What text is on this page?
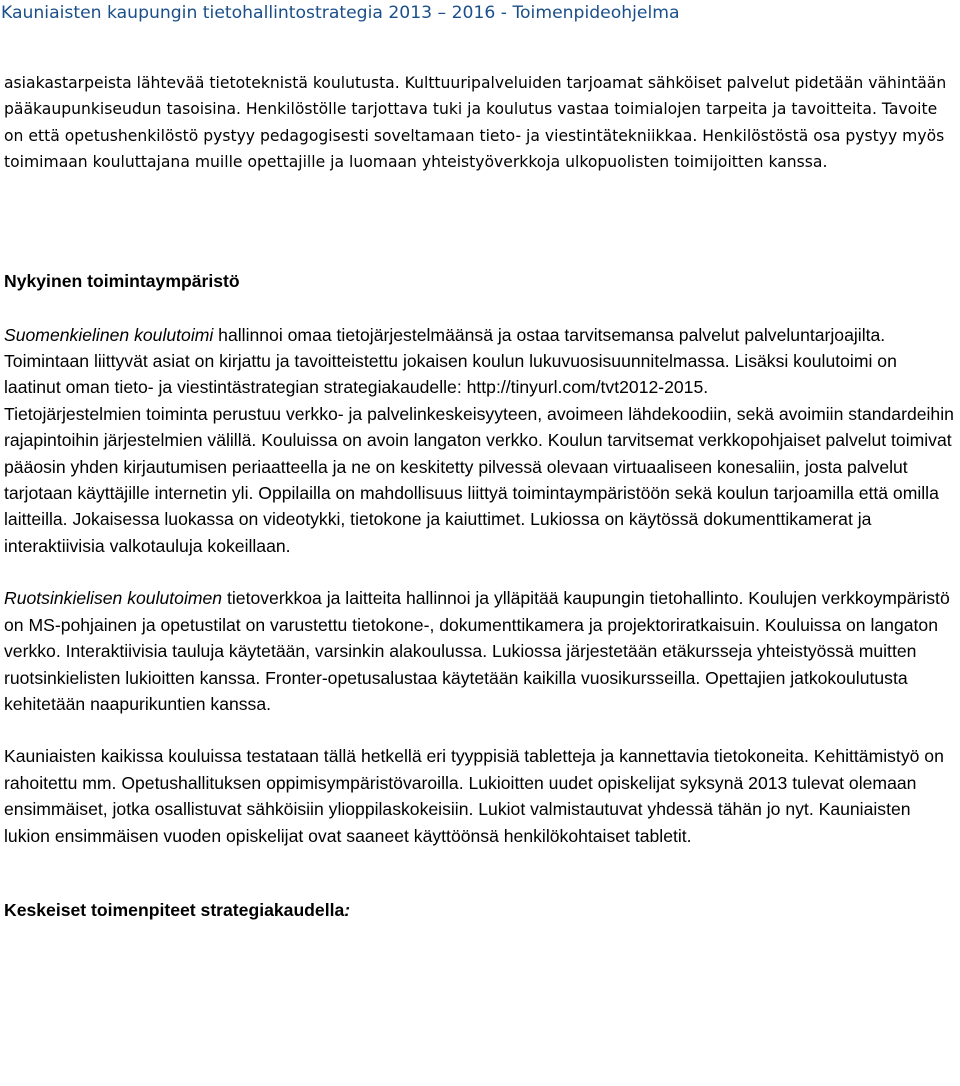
Kauniaisten kaupungin tietohallintostrategia 2013 – 2016 - Toimenpideohjelma

asiakastarpeista lähtevää tietoteknistä koulutusta. Kulttuuripalveluiden tarjoamat sähköiset palvelut pidetään vähintään pääkaupunkiseudun tasoisina. Henkilöstölle tarjottava tuki ja koulutus vastaa toimialojen tarpeita ja tavoitteita. Tavoite on että opetushenkilöstö pystyy pedagogisesti soveltamaan tieto- ja viestintätekniikkaa. Henkilöstöstä osa pystyy myös toimimaan kouluttajana muille opettajille ja luomaan yhteistyöverkkoja ulkopuolisten toimijoitten kanssa.

Nykyinen toimintaympäristö

Suomenkielinen koulutoimi hallinnoi omaa tietojärjestelmäänsä ja ostaa tarvitsemansa palvelut palveluntarjoajilta. Toimintaan liittyvät asiat on kirjattu ja tavoitteistettu jokaisen koulun lukuvuosisuunnitelmassa. Lisäksi koulutoimi on laatinut oman tieto- ja viestintästrategian strategiakaudelle: http://tinyurl.com/tvt2012-2015.

Tietojärjestelmien toiminta perustuu verkko- ja palvelinkeskeisyyteen, avoimeen lähdekoodiin, sekä avoimiin standardeihin rajapintoihin järjestelmien välillä. Kouluissa on avoin langaton verkko. Koulun tarvitsemat verkkopohjaiset palvelut toimivat pääosin yhden kirjautumisen periaatteella ja ne on keskitetty pilvessä olevaan virtuaaliseen konesaliin, josta palvelut tarjotaan käyttäjille internetin yli. Oppilailla on mahdollisuus liittyä toimintaympäristöön sekä koulun tarjoamilla että omilla laitteilla. Jokaisessa luokassa on videotykki, tietokone ja kaiuttimet. Lukiossa on käytössä dokumenttikamerat ja interaktiivisia valkotauluja kokeillaan.

Ruotsinkielisen koulutoimen tietoverkkoa ja laitteita hallinnoi ja ylläpitää kaupungin tietohallinto. Koulujen verkkoympäristö on MS-pohjainen ja opetustilat on varustettu tietokone-, dokumenttikamera ja projektoriratkaisuin. Kouluissa on langaton verkko. Interaktiivisia tauluja käytetään, varsinkin alakoulussa. Lukiossa järjestetään etäkursseja yhteistyössä muitten ruotsinkielisten lukioitten kanssa. Fronter-opetusalustaa käytetään kaikilla vuosikursseilla. Opettajien jatkokoulutusta kehitetään naapurikuntien kanssa.

Kauniaisten kaikissa kouluissa testataan tällä hetkellä eri tyyppisiä tabletteja ja kannettavia tietokoneita. Kehittämistyö on rahoitettu mm. Opetushallituksen oppimisympäristövaroilla. Lukioitten uudet opiskelijat syksynä 2013 tulevat olemaan ensimmäiset, jotka osallistuvat sähköisiin ylioppilaskokeisiin. Lukiot valmistautuvat yhdessä tähän jo nyt. Kauniaisten lukion ensimmäisen vuoden opiskelijat ovat saaneet käyttöönsä henkilökohtaiset tabletit.

Keskeiset toimenpiteet strategiakaudella:
